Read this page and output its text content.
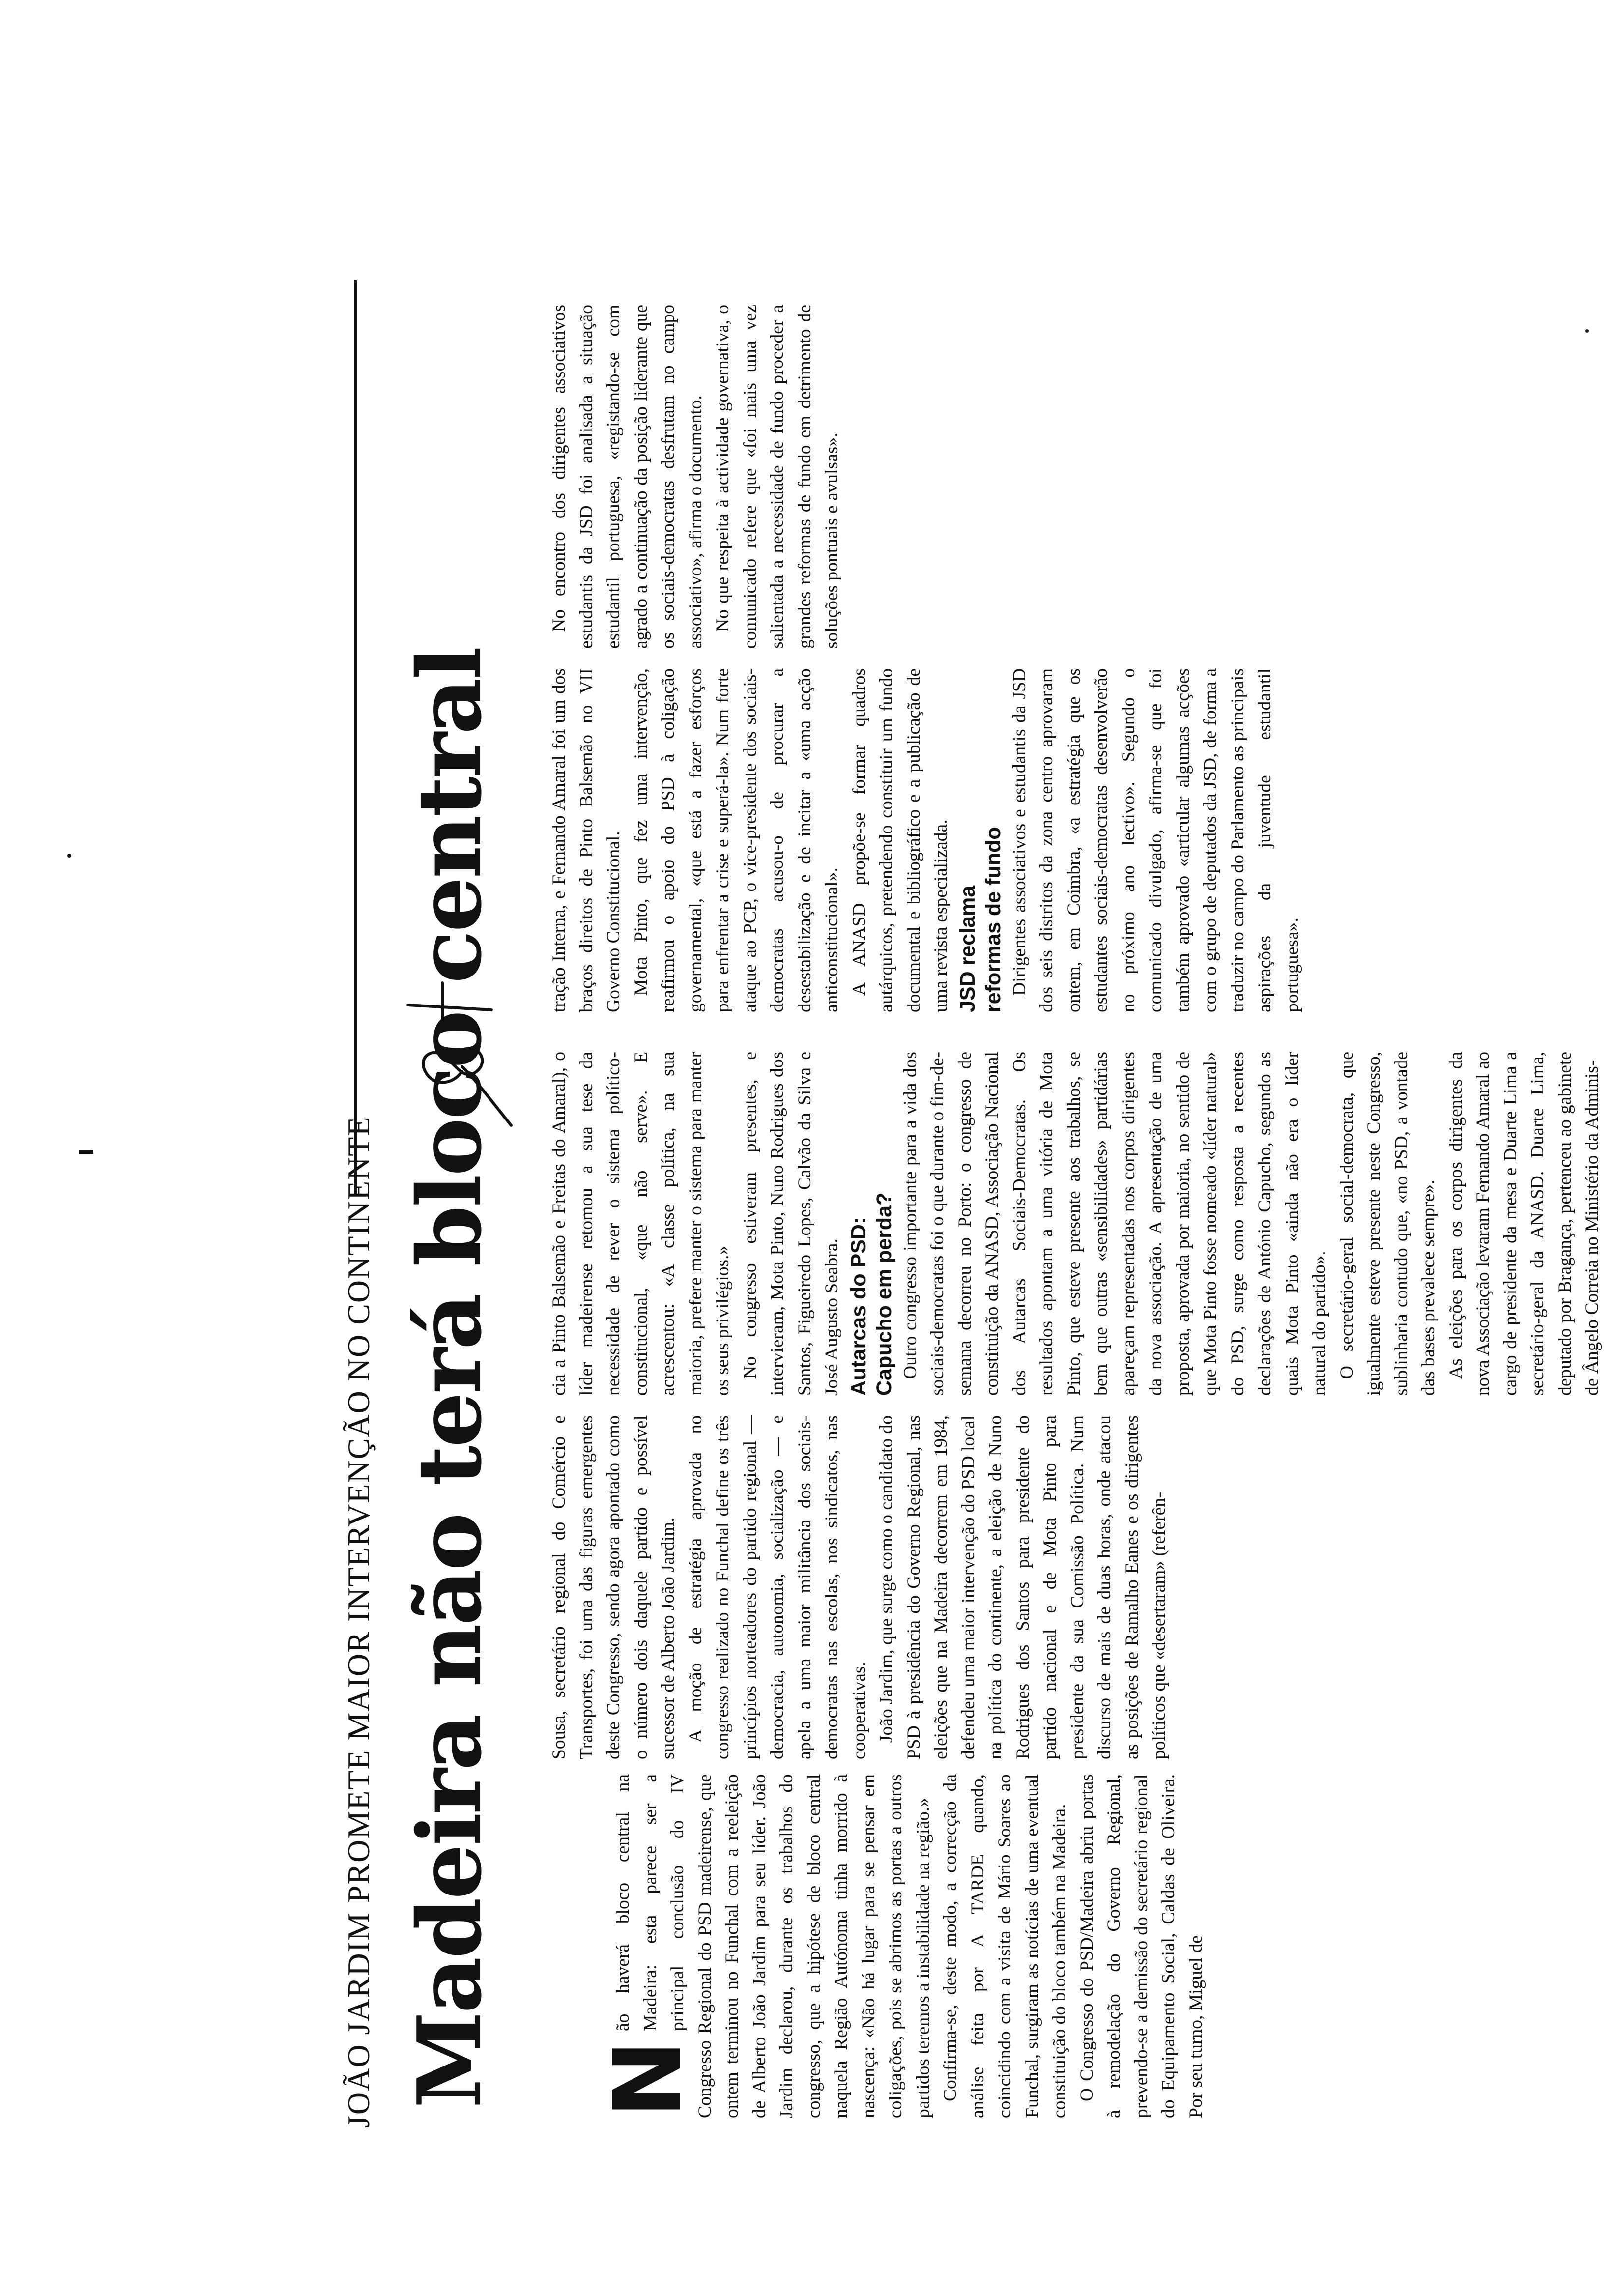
JOÃO JARDIM PROMETE MAIOR INTERVENÇÃO NO CONTINENTE Madeira não terá bloco central N
ão haverá bloco central na Madeira: esta parece ser a principal conclusão do IV Congresso Regional do PSD madeirense, que ontem terminou no Funchal com a reeleição de Alberto João Jardim para seu líder. João Jardim declarou, durante os trabalhos do congresso, que a hipótese de bloco central naquela Região Autónoma tinha morrido à nascença: «Não há lugar para se pensar em coligações, pois se abrimos as portas a outros partidos teremos a instabilidade na região.» Confirma-se, deste modo, a correcção da análise feita por A TARDE quando, coincidindo com a visita de Mário Soares ao Funchal, surgiram as notícias de uma eventual constituição do bloco também na Madeira. O Congresso do PSD/Madeira abriu portas à remodelação do Governo Regional, prevendo-se a demissão do secretário regional do Equipamento Social, Caldas de Oliveira. Por seu turno, Miguel de

Sousa, secretário regional do Comércio e Transportes, foi uma das figuras emergentes deste Congresso, sendo agora apontado como o número dois daquele partido e possível sucessor de Alberto João Jardim. A moção de estratégia aprovada no congresso realizado no Funchal define os três princípios norteadores do partido regional — democracia, autonomia, socialização — e apela a uma maior militância dos sociais-democratas nas escolas, nos sindicatos, nas cooperativas. João Jardim, que surge como o candidato do PSD à presidência do Governo Regional, nas eleições que na Madeira decorrem em 1984, defendeu uma maior intervenção do PSD local na política do continente, a eleição de Nuno Rodrigues dos Santos para presidente do partido nacional e de Mota Pinto para presidente da sua Comissão Política. Num discurso de mais de duas horas, onde atacou as posições de Ramalho Eanes e os dirigentes políticos que «desertaram» (referên-

cia a Pinto Balsemão e Freitas do Amaral), o líder madeirense retomou a sua tese da necessidade de rever o sistema político-constitucional, «que não serve». E acrescentou: «A classe política, na sua maioria, prefere manter o sistema para manter os seus privilégios.» No congresso estiveram presentes, e intervieram, Mota Pinto, Nuno Rodrigues dos Santos, Figueiredo Lopes, Calvão da Silva e José Augusto Seabra. Autarcas do PSD:
Capucho em perda? Outro congresso importante para a vida dos sociais-democratas foi o que durante o fim-de-semana decorreu no Porto: o congresso de constituição da ANASD, Associação Nacional dos Autarcas Sociais-Democratas. Os resultados apontam a uma vitória de Mota Pinto, que esteve presente aos trabalhos, se bem que outras «sensibilidades» partidárias apareçam representadas nos corpos dirigentes da nova associação. A apresentação de uma proposta, aprovada por maioria, no sentido de que Mota Pinto fosse nomeado «líder natural» do PSD, surge como resposta a recentes declarações de António Capucho, segundo as quais Mota Pinto «ainda não era o líder natural do partido». O secretário-geral social-democrata, que igualmente esteve presente neste Congresso, sublinharia contudo que, «no PSD, a vontade das bases prevalece sempre». As eleições para os corpos dirigentes da nova Associação levaram Fernando Amaral ao cargo de presidente da mesa e Duarte Lima a secretário-geral da ANASD. Duarte Lima, deputado por Bragança, pertenceu ao gabinete de Ângelo Correia no Ministério da Adminis-

tração Interna, e Fernando Amaral foi um dos braços direitos de Pinto Balsemão no VII Governo Constitucional. Mota Pinto, que fez uma intervenção, reafirmou o apoio do PSD à coligação governamental, «que está a fazer esforços para enfrentar a crise e superá-la». Num forte ataque ao PCP, o vice-presidente dos sociais-democratas acusou-o de procurar a desestabilização e de incitar a «uma acção anticonstitucional». A ANASD propõe-se formar quadros autárquicos, pretendendo constituir um fundo documental e bibliográfico e a publicação de uma revista especializada. JSD reclama
reformas de fundo Dirigentes associativos e estudantis da JSD dos seis distritos da zona centro aprovaram ontem, em Coimbra, «a estratégia que os estudantes sociais-democratas desenvolverão no próximo ano lectivo». Segundo o comunicado divulgado, afirma-se que foi também aprovado «articular algumas acções com o grupo de deputados da JSD, de forma a traduzir no campo do Parlamento as principais aspirações da juventude estudantil portuguesa».

No encontro dos dirigentes associativos estudantis da JSD foi analisada a situação estudantil portuguesa, «registando-se com agrado a continuação da posição liderante que os sociais-democratas desfrutam no campo associativo», afirma o documento. No que respeita à actividade governativa, o comunicado refere que «foi mais uma vez salientada a necessidade de fundo proceder a grandes reformas de fundo em detrimento de soluções pontuais e avulsas».
